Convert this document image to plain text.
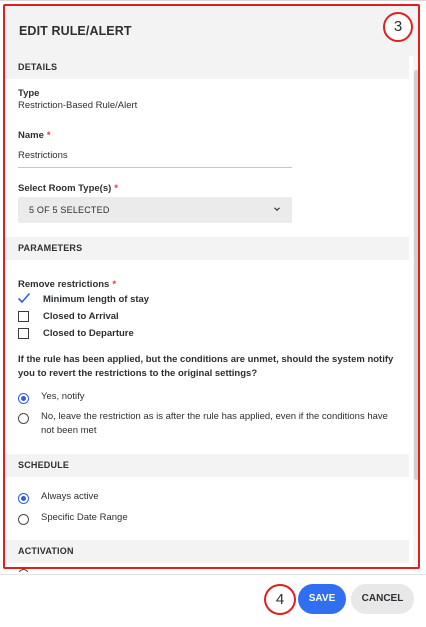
EDIT RULE/ALERT
DETAILS
Type
Restriction-Based Rule/Alert
Name *
Restrictions
Select Room Type(s) *
5 OF 5 SELECTED
PARAMETERS
Remove restrictions *
Minimum length of stay
Closed to Arrival
Closed to Departure
If the rule has been applied, but the conditions are unmet, should the system notify you to revert the restrictions to the original settings?
Yes, notify
No, leave the restriction as is after the rule has applied, even if the conditions have not been met
SCHEDULE
Always active
Specific Date Range
ACTIVATION
SAVE	CANCEL
3
4
